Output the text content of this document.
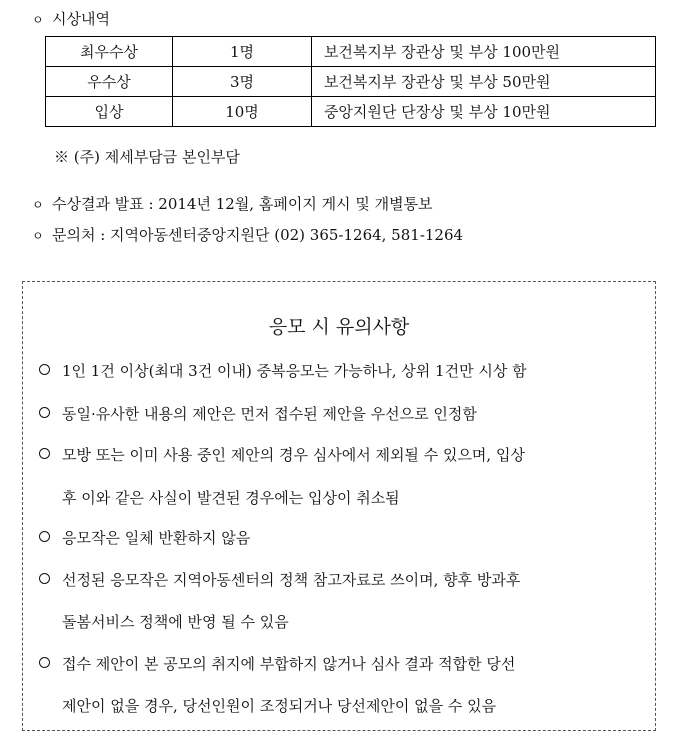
ㅇ 시상내역
최우수상	1명	보건복지부 장관상 및 부상 100만원
우수상	3명	보건복지부 장관상 및 부상 50만원
입상	10명	중앙지원단 단장상 및 부상 10만원
※ (주) 제세부담금 본인부담
ㅇ 수상결과 발표 : 2014년 12월, 홈페이지 게시 및 개별통보
ㅇ 문의처 : 지역아동센터중앙지원단 (02) 365-1264, 581-1264
응모 시 유의사항
1인 1건 이상(최대 3건 이내) 중복응모는 가능하나, 상위 1건만 시상 함
동일·유사한 내용의 제안은 먼저 접수된 제안을 우선으로 인정함
모방 또는 이미 사용 중인 제안의 경우 심사에서 제외될 수 있으며, 입상
후 이와 같은 사실이 발견된 경우에는 입상이 취소됨
응모작은 일체 반환하지 않음
선정된 응모작은 지역아동센터의 정책 참고자료로 쓰이며, 향후 방과후
돌봄서비스 정책에 반영 될 수 있음
접수 제안이 본 공모의 취지에 부합하지 않거나 심사 결과 적합한 당선
제안이 없을 경우, 당선인원이 조정되거나 당선제안이 없을 수 있음
